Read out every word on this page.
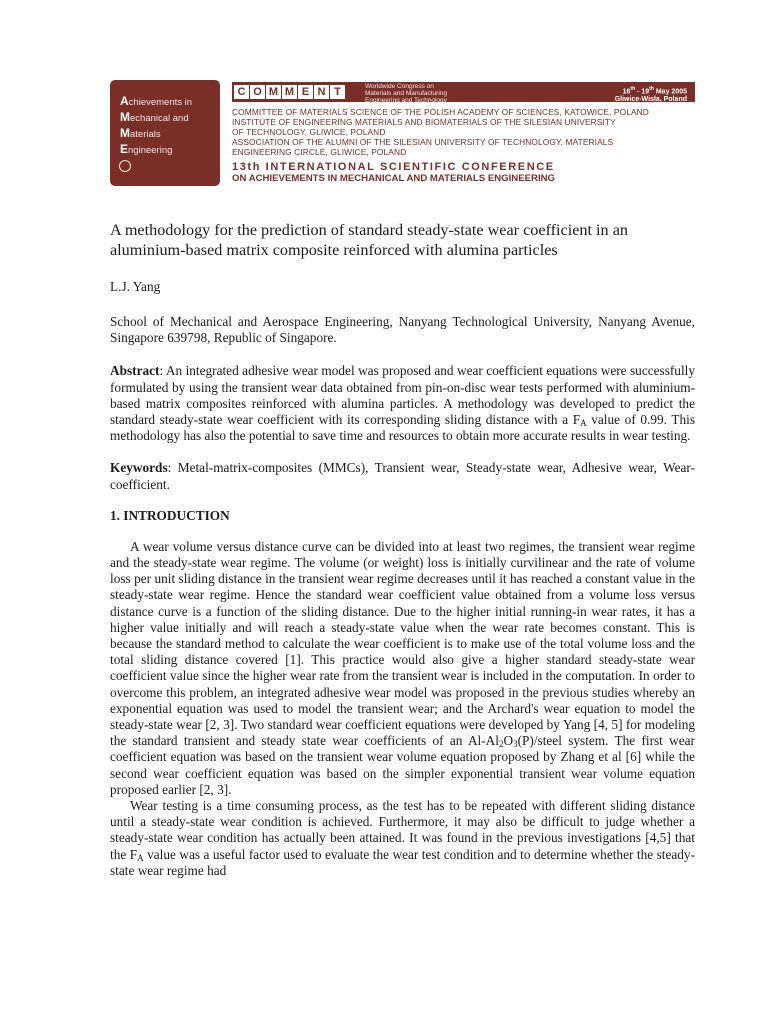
Achievements in
Mechanical and
Materials
Engineering
C O M M E N T	Worldwide Congress on
Materials and Manufacturing
Engineering and Technology
16th - 19th May 2005
Gliwice-Wisła, Poland
COMMITTEE OF MATERIALS SCIENCE OF THE POLISH ACADEMY OF SCIENCES, KATOWICE, POLAND
INSTITUTE OF ENGINEERING MATERIALS AND BIOMATERIALS OF THE SILESIAN UNIVERSITY
OF TECHNOLOGY, GLIWICE, POLAND
ASSOCIATION OF THE ALUMNI OF THE SILESIAN UNIVERSITY OF TECHNOLOGY, MATERIALS
ENGINEERING CIRCLE, GLIWICE, POLAND
13th INTERNATIONAL SCIENTIFIC CONFERENCE
ON ACHIEVEMENTS IN MECHANICAL AND MATERIALS ENGINEERING
A methodology for the prediction of standard steady-state wear coefficient in an aluminium-based matrix composite reinforced with alumina particles
L.J. Yang

School of Mechanical and Aerospace Engineering, Nanyang Technological University, Nanyang Avenue, Singapore 639798, Republic of Singapore.

Abstract: An integrated adhesive wear model was proposed and wear coefficient equations were successfully formulated by using the transient wear data obtained from pin-on-disc wear tests performed with aluminium-based matrix composites reinforced with alumina particles. A methodology was developed to predict the standard steady-state wear coefficient with its corresponding sliding distance with a $F_A$ value of 0.99. This methodology has also the potential to save time and resources to obtain more accurate results in wear testing.

Keywords: Metal-matrix-composites (MMCs), Transient wear, Steady-state wear, Adhesive wear, Wear-coefficient.

1. INTRODUCTION

A wear volume versus distance curve can be divided into at least two regimes, the transient wear regime and the steady-state wear regime. The volume (or weight) loss is initially curvilinear and the rate of volume loss per unit sliding distance in the transient wear regime decreases until it has reached a constant value in the steady-state wear regime. Hence the standard wear coefficient value obtained from a volume loss versus distance curve is a function of the sliding distance. Due to the higher initial running-in wear rates, it has a higher value initially and will reach a steady-state value when the wear rate becomes constant. This is because the standard method to calculate the wear coefficient is to make use of the total volume loss and the total sliding distance covered [1]. This practice would also give a higher standard steady-state wear coefficient value since the higher wear rate from the transient wear is included in the computation. In order to overcome this problem, an integrated adhesive wear model was proposed in the previous studies whereby an exponential equation was used to model the transient wear; and the Archard's wear equation to model the steady-state wear [2, 3]. Two standard wear coefficient equations were developed by Yang [4, 5] for modeling the standard transient and steady state wear coefficients of an $Al-Al_2O_3(P)$/steel system. The first wear coefficient equation was based on the transient wear volume equation proposed by Zhang et al [6] while the second wear coefficient equation was based on the simpler exponential transient wear volume equation proposed earlier [2, 3].

Wear testing is a time consuming process, as the test has to be repeated with different sliding distance until a steady-state wear condition is achieved. Furthermore, it may also be difficult to judge whether a steady-state wear condition has actually been attained. It was found in the previous investigations [4,5] that the $F_A$ value was a useful factor used to evaluate the wear test condition and to determine whether the steady-state wear regime had
